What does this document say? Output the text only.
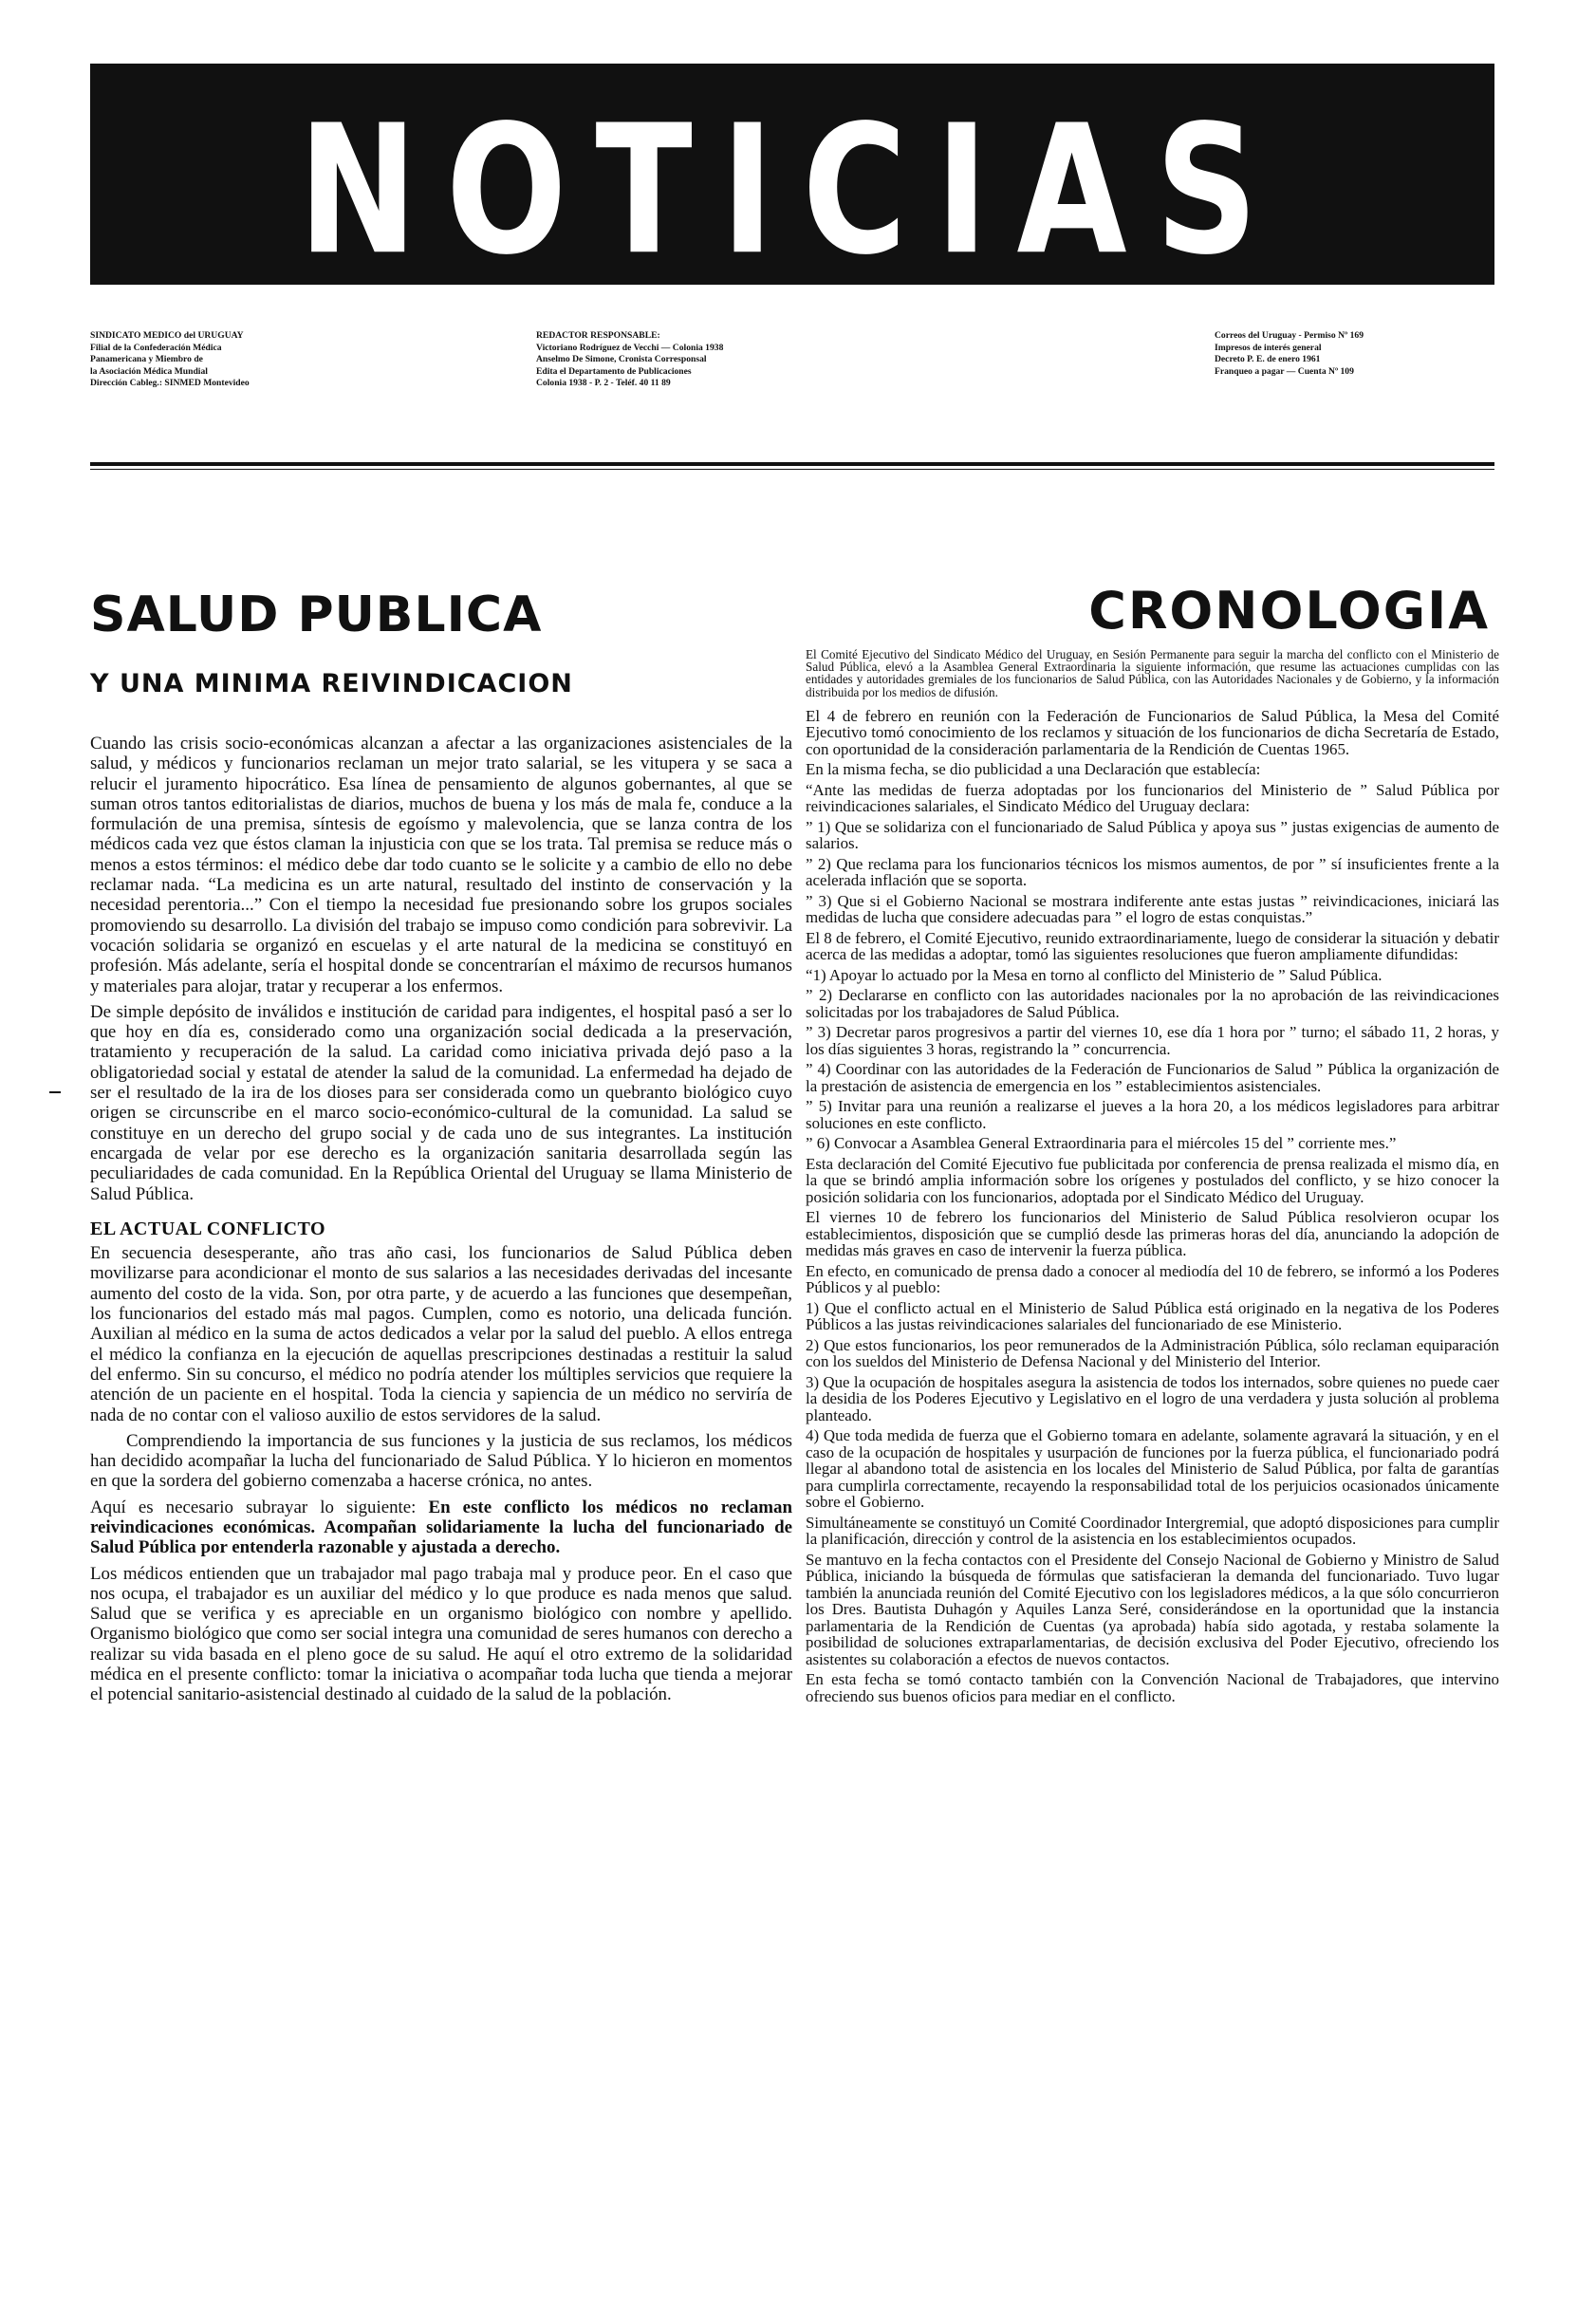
NOTICIAS
SINDICATO MEDICO del URUGUAY
Filial de la Confederación Médica
Panamericana y Miembro de
la Asociación Médica Mundial
Dirección Cableg.: SINMED Montevideo
REDACTOR RESPONSABLE:
Victoriano Rodríguez de Vecchi — Colonia 1938
Anselmo De Simone, Cronista Corresponsal
Edita el Departamento de Publicaciones
Colonia 1938 - P. 2 - Teléf. 40 11 89
Correos del Uruguay - Permiso Nº 169
Impresos de interés general
Decreto P. E. de enero 1961
Franqueo a pagar — Cuenta Nº 109
SALUD PUBLICA
Y UNA MINIMA REIVINDICACION

Cuando las crisis socio-económicas alcanzan a afectar a las organizaciones asistenciales de la salud, y médicos y funcionarios reclaman un mejor trato salarial, se les vitupera y se saca a relucir el juramento hipocrático. Esa línea de pensamiento de algunos gobernantes, al que se suman otros tantos editorialistas de diarios, muchos de buena y los más de mala fe, conduce a la formulación de una premisa, síntesis de egoísmo y malevolencia, que se lanza contra de los médicos cada vez que éstos claman la injusticia con que se los trata. Tal premisa se reduce más o menos a estos términos: el médico debe dar todo cuanto se le solicite y a cambio de ello no debe reclamar nada. “La medicina es un arte natural, resultado del instinto de conservación y la necesidad perentoria...” Con el tiempo la necesidad fue presionando sobre los grupos sociales promoviendo su desarrollo. La división del trabajo se impuso como condición para sobrevivir. La vocación solidaria se organizó en escuelas y el arte natural de la medicina se constituyó en profesión. Más adelante, sería el hospital donde se concentrarían el máximo de recursos humanos y materiales para alojar, tratar y recuperar a los enfermos.

De simple depósito de inválidos e institución de caridad para indigentes, el hospital pasó a ser lo que hoy en día es, considerado como una organización social dedicada a la preservación, tratamiento y recuperación de la salud. La caridad como iniciativa privada dejó paso a la obligatoriedad social y estatal de atender la salud de la comunidad. La enfermedad ha dejado de ser el resultado de la ira de los dioses para ser considerada como un quebranto biológico cuyo origen se circunscribe en el marco socio-económico-cultural de la comunidad. La salud se constituye en un derecho del grupo social y de cada uno de sus integrantes. La institución encargada de velar por ese derecho es la organización sanitaria desarrollada según las peculiaridades de cada comunidad. En la República Oriental del Uruguay se llama Ministerio de Salud Pública.

EL ACTUAL CONFLICTO

En secuencia desesperante, año tras año casi, los funcionarios de Salud Pública deben movilizarse para acondicionar el monto de sus salarios a las necesidades derivadas del incesante aumento del costo de la vida. Son, por otra parte, y de acuerdo a las funciones que desempeñan, los funcionarios del estado más mal pagos. Cumplen, como es notorio, una delicada función. Auxilian al médico en la suma de actos dedicados a velar por la salud del pueblo. A ellos entrega el médico la confianza en la ejecución de aquellas prescripciones destinadas a restituir la salud del enfermo. Sin su concurso, el médico no podría atender los múltiples servicios que requiere la atención de un paciente en el hospital. Toda la ciencia y sapiencia de un médico no serviría de nada de no contar con el valioso auxilio de estos servidores de la salud.

Comprendiendo la importancia de sus funciones y la justicia de sus reclamos, los médicos han decidido acompañar la lucha del funcionariado de Salud Pública. Y lo hicieron en momentos en que la sordera del gobierno comenzaba a hacerse crónica, no antes.

Aquí es necesario subrayar lo siguiente: En este conflicto los médicos no reclaman reivindicaciones económicas. Acompañan solidariamente la lucha del funcionariado de Salud Pública por entenderla razonable y ajustada a derecho.

Los médicos entienden que un trabajador mal pago trabaja mal y produce peor. En el caso que nos ocupa, el trabajador es un auxiliar del médico y lo que produce es nada menos que salud. Salud que se verifica y es apreciable en un organismo biológico con nombre y apellido. Organismo biológico que como ser social integra una comunidad de seres humanos con derecho a realizar su vida basada en el pleno goce de su salud. He aquí el otro extremo de la solidaridad médica en el presente conflicto: tomar la iniciativa o acompañar toda lucha que tienda a mejorar el potencial sanitario-asistencial destinado al cuidado de la salud de la población.

CRONOLOGIA

El Comité Ejecutivo del Sindicato Médico del Uruguay, en Sesión Permanente para seguir la marcha del conflicto con el Ministerio de Salud Pública, elevó a la Asamblea General Extraordinaria la siguiente información, que resume las actuaciones cumplidas con las entidades y autoridades gremiales de los funcionarios de Salud Pública, con las Autoridades Nacionales y de Gobierno, y la información distribuida por los medios de difusión.

El 4 de febrero en reunión con la Federación de Funcionarios de Salud Pública, la Mesa del Comité Ejecutivo tomó conocimiento de los reclamos y situación de los funcionarios de dicha Secretaría de Estado, con oportunidad de la consideración parlamentaria de la Rendición de Cuentas 1965.

En la misma fecha, se dio publicidad a una Declaración que establecía:

“Ante las medidas de fuerza adoptadas por los funcionarios del Ministerio de ” Salud Pública por reivindicaciones salariales, el Sindicato Médico del Uruguay declara:

” 1) Que se solidariza con el funcionariado de Salud Pública y apoya sus ” justas exigencias de aumento de salarios.

” 2) Que reclama para los funcionarios técnicos los mismos aumentos, de por ” sí insuficientes frente a la acelerada inflación que se soporta.

” 3) Que si el Gobierno Nacional se mostrara indiferente ante estas justas ” reivindicaciones, iniciará las medidas de lucha que considere adecuadas para ” el logro de estas conquistas.”

El 8 de febrero, el Comité Ejecutivo, reunido extraordinariamente, luego de considerar la situación y debatir acerca de las medidas a adoptar, tomó las siguientes resoluciones que fueron ampliamente difundidas:

“1) Apoyar lo actuado por la Mesa en torno al conflicto del Ministerio de ” Salud Pública.

” 2) Declararse en conflicto con las autoridades nacionales por la no aprobación de las reivindicaciones solicitadas por los trabajadores de Salud Pública.

” 3) Decretar paros progresivos a partir del viernes 10, ese día 1 hora por ” turno; el sábado 11, 2 horas, y los días siguientes 3 horas, registrando la ” concurrencia.

” 4) Coordinar con las autoridades de la Federación de Funcionarios de Salud ” Pública la organización de la prestación de asistencia de emergencia en los ” establecimientos asistenciales.

” 5) Invitar para una reunión a realizarse el jueves a la hora 20, a los médicos legisladores para arbitrar soluciones en este conflicto.

” 6) Convocar a Asamblea General Extraordinaria para el miércoles 15 del ” corriente mes.”

Esta declaración del Comité Ejecutivo fue publicitada por conferencia de prensa realizada el mismo día, en la que se brindó amplia información sobre los orígenes y postulados del conflicto, y se hizo conocer la posición solidaria con los funcionarios, adoptada por el Sindicato Médico del Uruguay.

El viernes 10 de febrero los funcionarios del Ministerio de Salud Pública resolvieron ocupar los establecimientos, disposición que se cumplió desde las primeras horas del día, anunciando la adopción de medidas más graves en caso de intervenir la fuerza pública.

En efecto, en comunicado de prensa dado a conocer al mediodía del 10 de febrero, se informó a los Poderes Públicos y al pueblo:

1) Que el conflicto actual en el Ministerio de Salud Pública está originado en la negativa de los Poderes Públicos a las justas reivindicaciones salariales del funcionariado de ese Ministerio.

2) Que estos funcionarios, los peor remunerados de la Administración Pública, sólo reclaman equiparación con los sueldos del Ministerio de Defensa Nacional y del Ministerio del Interior.

3) Que la ocupación de hospitales asegura la asistencia de todos los internados, sobre quienes no puede caer la desidia de los Poderes Ejecutivo y Legislativo en el logro de una verdadera y justa solución al problema planteado.

4) Que toda medida de fuerza que el Gobierno tomara en adelante, solamente agravará la situación, y en el caso de la ocupación de hospitales y usurpación de funciones por la fuerza pública, el funcionariado podrá llegar al abandono total de asistencia en los locales del Ministerio de Salud Pública, por falta de garantías para cumplirla correctamente, recayendo la responsabilidad total de los perjuicios ocasionados únicamente sobre el Gobierno.

Simultáneamente se constituyó un Comité Coordinador Intergremial, que adoptó disposiciones para cumplir la planificación, dirección y control de la asistencia en los establecimientos ocupados.

Se mantuvo en la fecha contactos con el Presidente del Consejo Nacional de Gobierno y Ministro de Salud Pública, iniciando la búsqueda de fórmulas que satisfacieran la demanda del funcionariado. Tuvo lugar también la anunciada reunión del Comité Ejecutivo con los legisladores médicos, a la que sólo concurrieron los Dres. Bautista Duhagón y Aquiles Lanza Seré, considerándose en la oportunidad que la instancia parlamentaria de la Rendición de Cuentas (ya aprobada) había sido agotada, y restaba solamente la posibilidad de soluciones extraparlamentarias, de decisión exclusiva del Poder Ejecutivo, ofreciendo los asistentes su colaboración a efectos de nuevos contactos.

En esta fecha se tomó contacto también con la Convención Nacional de Trabajadores, que intervino ofreciendo sus buenos oficios para mediar en el conflicto.
